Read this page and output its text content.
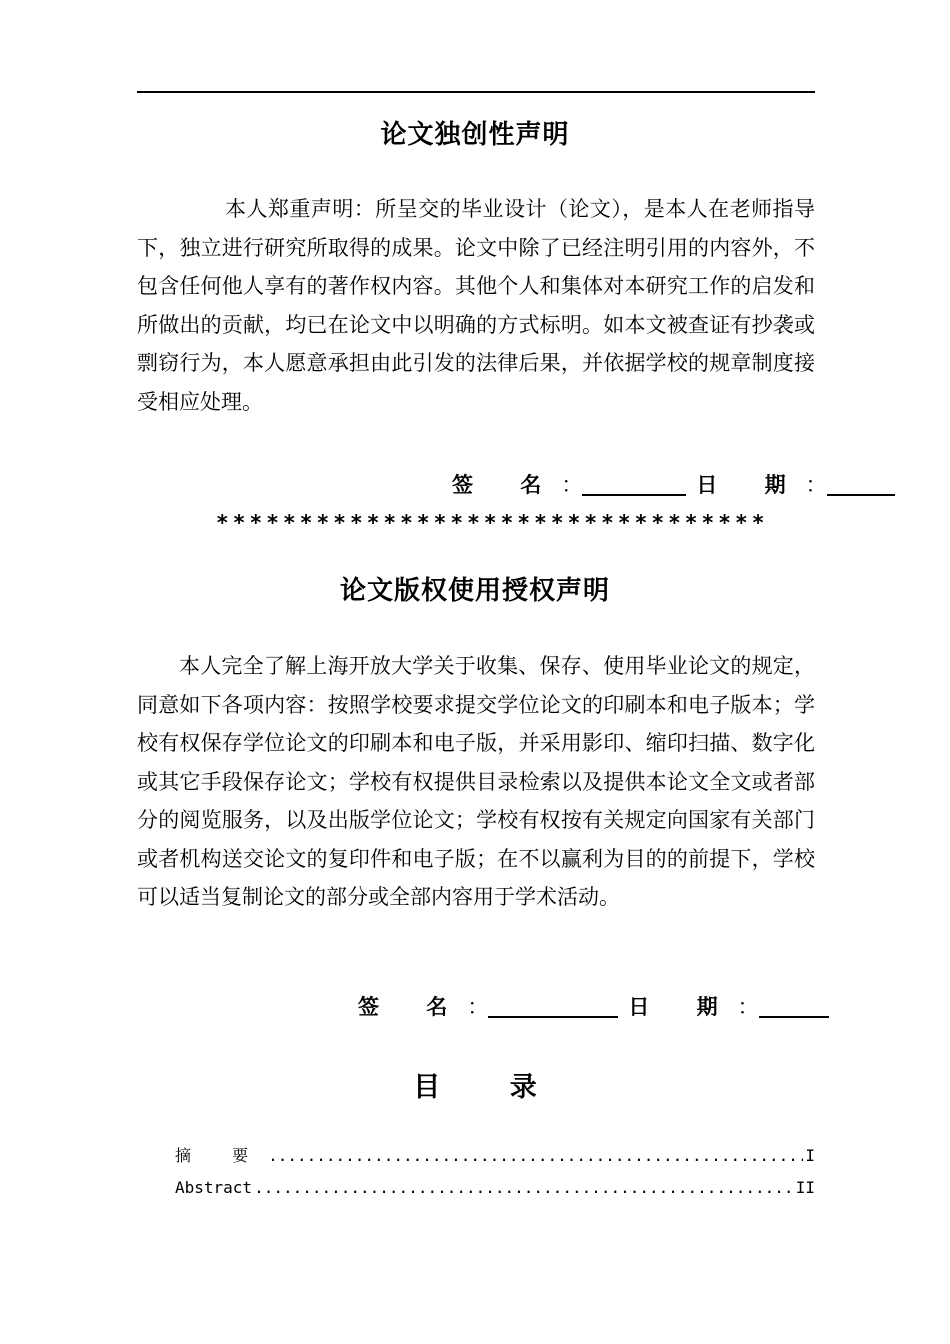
论文独创性声明

本人郑重声明：所呈交的毕业设计（论文），是本人在老师指导下，独立进行研究所取得的成果。论文中除了已经注明引用的内容外，不包含任何他人享有的著作权内容。其他个人和集体对本研究工作的启发和所做出的贡献，均已在论文中以明确的方式标明。如本文被查证有抄袭或剽窃行为，本人愿意承担由此引发的法律后果，并依据学校的规章制度接受相应处理。

签 名：	日 期：
*********************************
论文版权使用授权声明

本人完全了解上海开放大学关于收集、保存、使用毕业论文的规定，同意如下各项内容：按照学校要求提交学位论文的印刷本和电子版本；学校有权保存学位论文的印刷本和电子版，并采用影印、缩印扫描、数字化或其它手段保存论文；学校有权提供目录检索以及提供本论文全文或者部分的阅览服务，以及出版学位论文；学校有权按有关规定向国家有关部门或者机构送交论文的复印件和电子版；在不以赢利为目的的前提下，学校可以适当复制论文的部分或全部内容用于学术活动。

签 名：	日 期：
目 录
摘 要 .....	I
Abstract .....	II
